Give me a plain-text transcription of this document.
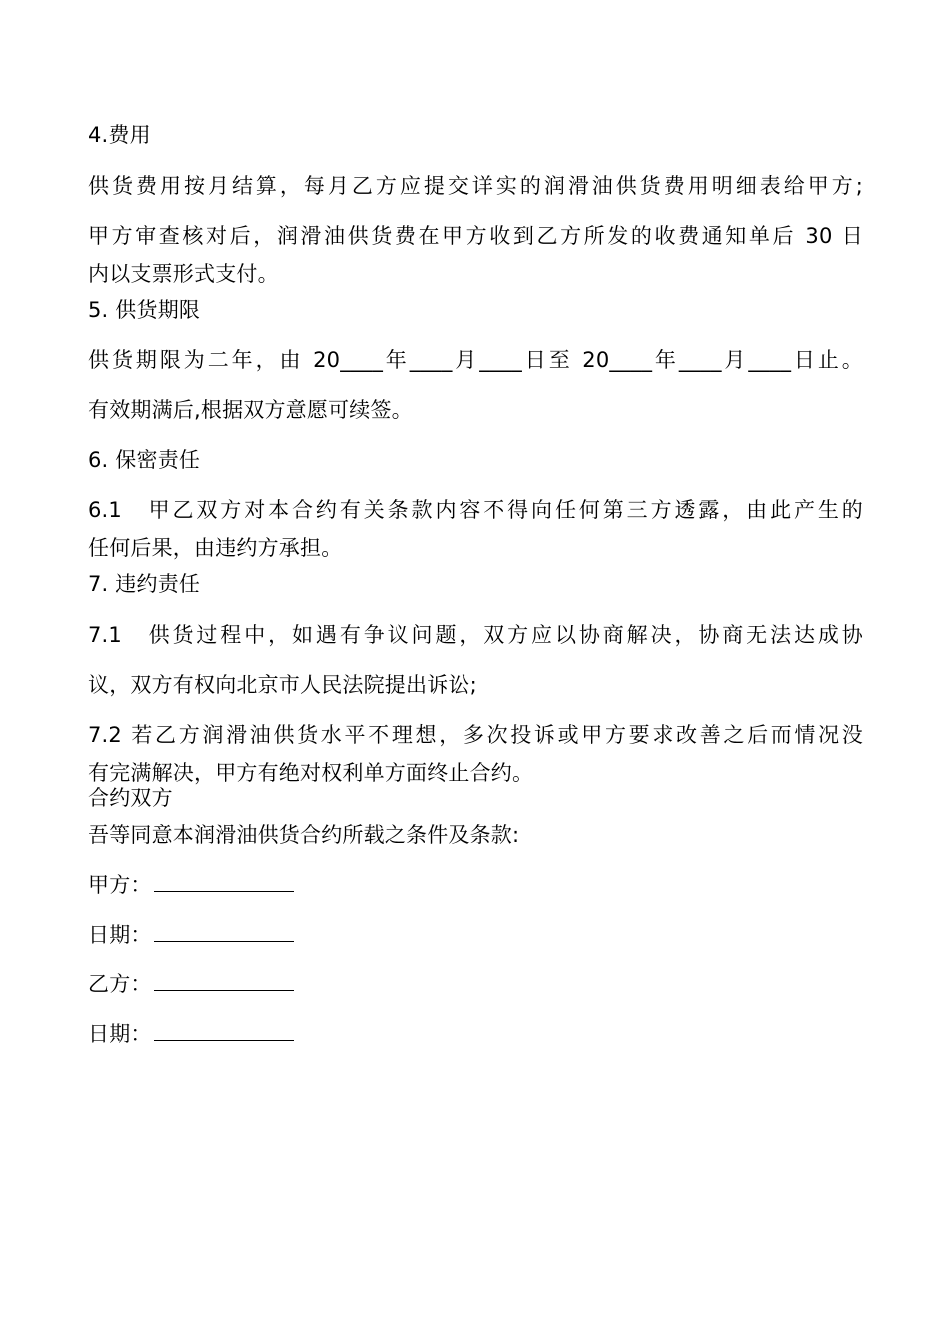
4.费用
供货费用按月结算，每月乙方应提交详实的润滑油供货费用明细表给甲方;
甲方审查核对后，润滑油供货费在甲方收到乙方所发的收费通知单后 30 日
内以支票形式支付。
5. 供货期限
供货期限为二年，由 20____年____月____日至 20____年____月____日止。
有效期满后,根据双方意愿可续签。
6. 保密责任
6.1　甲乙双方对本合约有关条款内容不得向任何第三方透露，由此产生的
任何后果，由违约方承担。
7. 违约责任
7.1　供货过程中，如遇有争议问题，双方应以协商解决，协商无法达成协
议，双方有权向北京市人民法院提出诉讼;
7.2 若乙方润滑油供货水平不理想，多次投诉或甲方要求改善之后而情况没
有完满解决，甲方有绝对权利单方面终止合约。
合约双方
吾等同意本润滑油供货合约所载之条件及条款:
甲方：
日期：
乙方：
日期：
